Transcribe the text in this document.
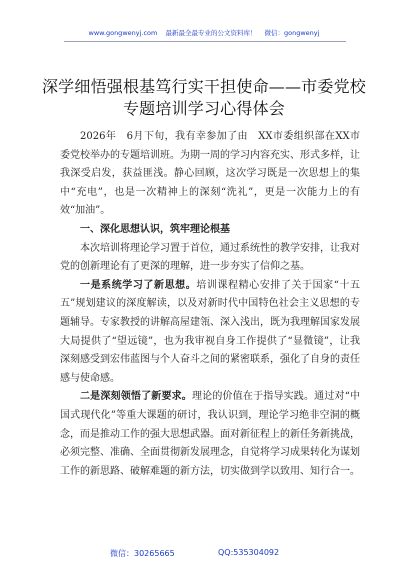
www.gongwenyj.com 最新最全最专业的公文资料库！ 微信：gongwenyj
深学细悟强根基笃行实干担使命——市委党校
专题培训学习心得体会

2026年　6月下旬，我有幸参加了由　XX市委组织部在XX市委党校举办的专题培训班。为期一周的学习内容充实、形式多样，让我深受启发，获益匪浅。静心回顾，这次学习既是一次思想上的集中“充电”，也是一次精神上的深刻“洗礼”，更是一次能力上的有效“加油”。

一、深化思想认识，筑牢理论根基

本次培训将理论学习置于首位，通过系统性的教学安排，让我对党的创新理论有了更深的理解，进一步夯实了信仰之基。

一是系统学习了新思想。培训课程精心安排了关于国家“十五五”规划建议的深度解读，以及对新时代中国特色社会主义思想的专题辅导。专家教授的讲解高屋建瓴、深入浅出，既为我理解国家发展大局提供了“望远镜”，也为我审视自身工作提供了“显微镜”，让我深刻感受到宏伟蓝图与个人奋斗之间的紧密联系，强化了自身的责任感与使命感。

二是深刻领悟了新要求。理论的价值在于指导实践。通过对“中国式现代化”等重大课题的研讨，我认识到，理论学习绝非空洞的概念，而是推动工作的强大思想武器。面对新征程上的新任务新挑战，必须完整、准确、全面贯彻新发展理念，自觉将学习成果转化为谋划工作的新思路、破解难题的新方法，切实做到学以致用、知行合一。

微信：30265665	QQ:535304092
